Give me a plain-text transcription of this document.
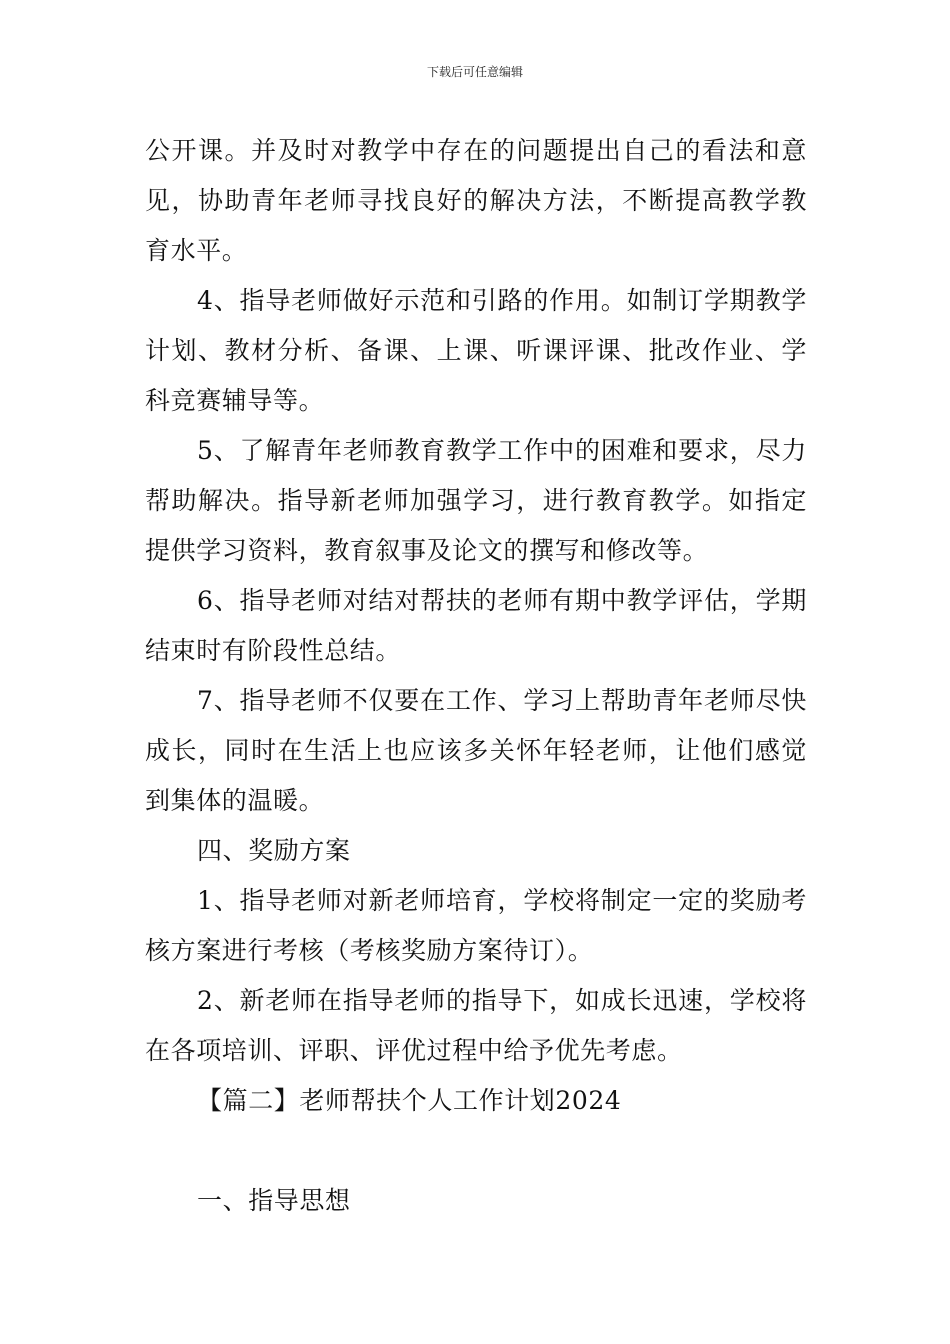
下载后可任意编辑

公开课。并及时对教学中存在的问题提出自己的看法和意见，协助青年老师寻找良好的解决方法，不断提高教学教育水平。

4、指导老师做好示范和引路的作用。如制订学期教学计划、教材分析、备课、上课、听课评课、批改作业、学科竞赛辅导等。

5、了解青年老师教育教学工作中的困难和要求，尽力帮助解决。指导新老师加强学习，进行教育教学。如指定提供学习资料，教育叙事及论文的撰写和修改等。

6、指导老师对结对帮扶的老师有期中教学评估，学期结束时有阶段性总结。

7、指导老师不仅要在工作、学习上帮助青年老师尽快成长，同时在生活上也应该多关怀年轻老师，让他们感觉到集体的温暖。

四、奖励方案

1、指导老师对新老师培育，学校将制定一定的奖励考核方案进行考核（考核奖励方案待订）。

2、新老师在指导老师的指导下，如成长迅速，学校将在各项培训、评职、评优过程中给予优先考虑。

【篇二】老师帮扶个人工作计划2024

一、指导思想
